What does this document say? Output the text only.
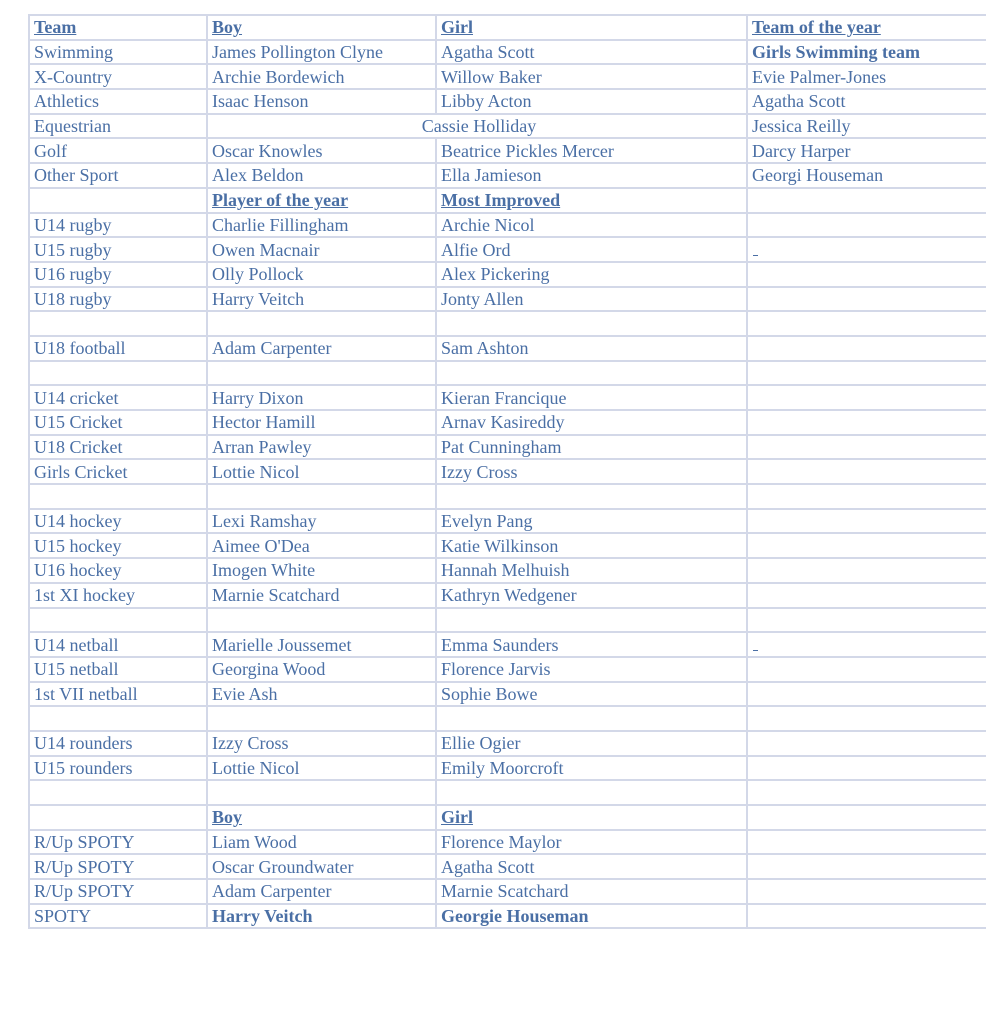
Team	Boy	Girl	Team of the year
Swimming	James Pollington Clyne	Agatha Scott	Girls Swimming team
X-Country	Archie Bordewich	Willow Baker	Evie Palmer-Jones
Athletics	Isaac Henson	Libby Acton	Agatha Scott
Equestrian	Cassie Holliday		Jessica Reilly
Golf	Oscar Knowles	Beatrice Pickles Mercer	Darcy Harper
Other Sport	Alex Beldon	Ella Jamieson	Georgi Houseman
	Player of the year	Most Improved	
U14 rugby	Charlie Fillingham	Archie Nicol	
U15 rugby	Owen Macnair	Alfie Ord	
U16 rugby	Olly Pollock	Alex Pickering	
U18 rugby	Harry Veitch	Jonty Allen	

U18 football	Adam Carpenter	Sam Ashton	

U14 cricket	Harry Dixon	Kieran Francique	
U15 Cricket	Hector Hamill	Arnav Kasireddy	
U18 Cricket	Arran Pawley	Pat Cunningham	
Girls Cricket	Lottie Nicol	Izzy Cross	

U14 hockey	Lexi Ramshay	Evelyn Pang	
U15 hockey	Aimee O'Dea	Katie Wilkinson	
U16 hockey	Imogen White	Hannah Melhuish	
1st XI hockey	Marnie Scatchard	Kathryn Wedgener	

U14 netball	Marielle Joussemet	Emma Saunders	
U15 netball	Georgina Wood	Florence Jarvis	
1st VII netball	Evie Ash	Sophie Bowe	

U14 rounders	Izzy Cross	Ellie Ogier	
U15 rounders	Lottie Nicol	Emily Moorcroft	

	Boy	Girl	
R/Up SPOTY	Liam Wood	Florence Maylor	
R/Up SPOTY	Oscar Groundwater	Agatha Scott	
R/Up SPOTY	Adam Carpenter	Marnie Scatchard	
SPOTY	Harry Veitch	Georgie Houseman	
